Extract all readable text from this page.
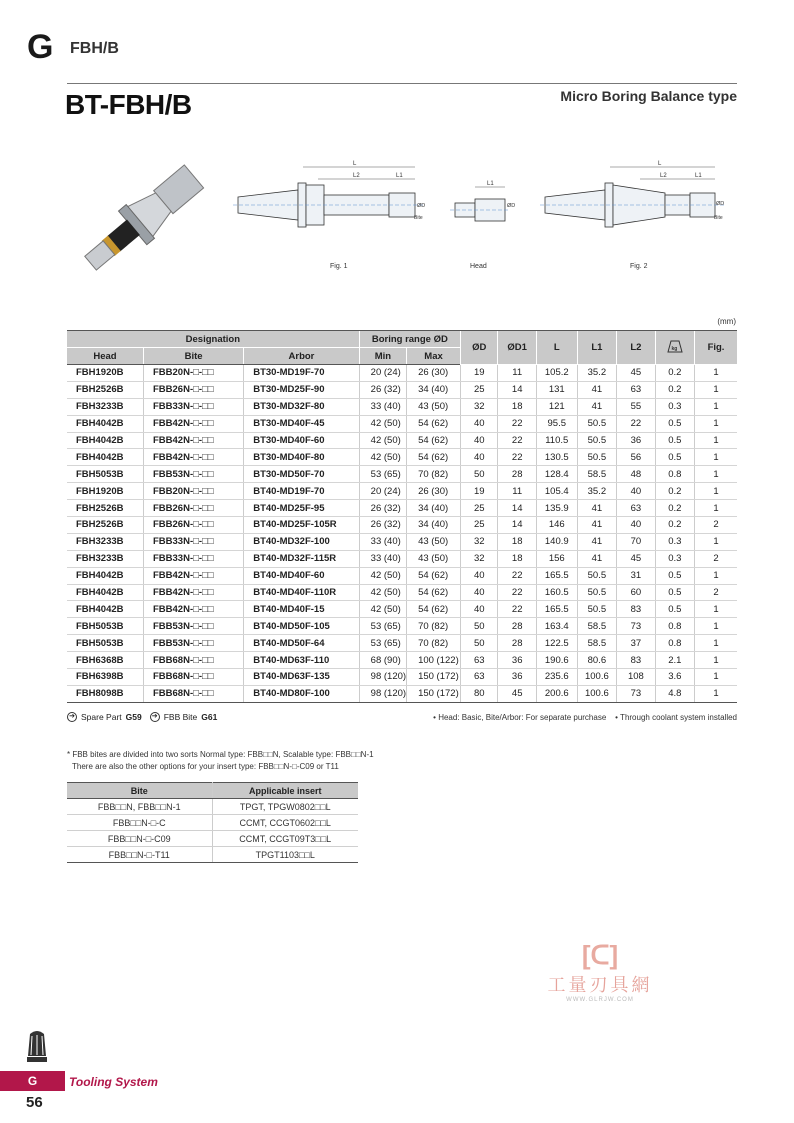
G FBH/B
BT-FBH/B	Micro Boring Balance type
L
L2	L1
ØD
Bite
Fig. 1
L1
ØD
Head
L
L2	L1
ØD
Bite
Fig. 2
(mm)
Designation			Boring range ØD		ØD	ØD1	L	L1	L2	kg	Fig.
Head	Bite	Arbor	Min	Max							
FBH1920B	FBB20N-□-□□	BT30-MD19F-70	20 (24)	26 (30)	19	11	105.2	35.2	45	0.2	1
FBH2526B	FBB26N-□-□□	BT30-MD25F-90	26 (32)	34 (40)	25	14	131	41	63	0.2	1
FBH3233B	FBB33N-□-□□	BT30-MD32F-80	33 (40)	43 (50)	32	18	121	41	55	0.3	1
FBH4042B	FBB42N-□-□□	BT30-MD40F-45	42 (50)	54 (62)	40	22	95.5	50.5	22	0.5	1
FBH4042B	FBB42N-□-□□	BT30-MD40F-60	42 (50)	54 (62)	40	22	110.5	50.5	36	0.5	1
FBH4042B	FBB42N-□-□□	BT30-MD40F-80	42 (50)	54 (62)	40	22	130.5	50.5	56	0.5	1
FBH5053B	FBB53N-□-□□	BT30-MD50F-70	53 (65)	70 (82)	50	28	128.4	58.5	48	0.8	1
FBH1920B	FBB20N-□-□□	BT40-MD19F-70	20 (24)	26 (30)	19	11	105.4	35.2	40	0.2	1
FBH2526B	FBB26N-□-□□	BT40-MD25F-95	26 (32)	34 (40)	25	14	135.9	41	63	0.2	1
FBH2526B	FBB26N-□-□□	BT40-MD25F-105R	26 (32)	34 (40)	25	14	146	41	40	0.2	2
FBH3233B	FBB33N-□-□□	BT40-MD32F-100	33 (40)	43 (50)	32	18	140.9	41	70	0.3	1
FBH3233B	FBB33N-□-□□	BT40-MD32F-115R	33 (40)	43 (50)	32	18	156	41	45	0.3	2
FBH4042B	FBB42N-□-□□	BT40-MD40F-60	42 (50)	54 (62)	40	22	165.5	50.5	31	0.5	1
FBH4042B	FBB42N-□-□□	BT40-MD40F-110R	42 (50)	54 (62)	40	22	160.5	50.5	60	0.5	2
FBH4042B	FBB42N-□-□□	BT40-MD40F-15	42 (50)	54 (62)	40	22	165.5	50.5	83	0.5	1
FBH5053B	FBB53N-□-□□	BT40-MD50F-105	53 (65)	70 (82)	50	28	163.4	58.5	73	0.8	1
FBH5053B	FBB53N-□-□□	BT40-MD50F-64	53 (65)	70 (82)	50	28	122.5	58.5	37	0.8	1
FBH6368B	FBB68N-□-□□	BT40-MD63F-110	68 (90)	100 (122)	63	36	190.6	80.6	83	2.1	1
FBH6398B	FBB68N-□-□□	BT40-MD63F-135	98 (120)	150 (172)	63	36	235.6	100.6	108	3.6	1
FBH8098B	FBB68N-□-□□	BT40-MD80F-100	98 (120)	150 (172)	80	45	200.6	100.6	73	4.8	1
➔ Spare Part G59 ➔ FBB Bite G61	• Head: Basic, Bite/Arbor: For separate purchase • Through coolant system installed
* FBB bites are divided into two sorts Normal type: FBB□□N, Scalable type: FBB□□N-1
There are also the other options for your insert type: FBB□□N-□-C09 or T11
Bite	Applicable insert
FBB□□N, FBB□□N-1	TPGT, TPGW0802□□L
FBB□□N-□-C	CCMT, CCGT0602□□L
FBB□□N-□-C09	CCMT, CCGT09T3□□L
FBB□□N-□-T11	TPGT1103□□L
[ᑕ]
工量刃具網
WWW.GLRJW.COM
G	Tooling System
56
